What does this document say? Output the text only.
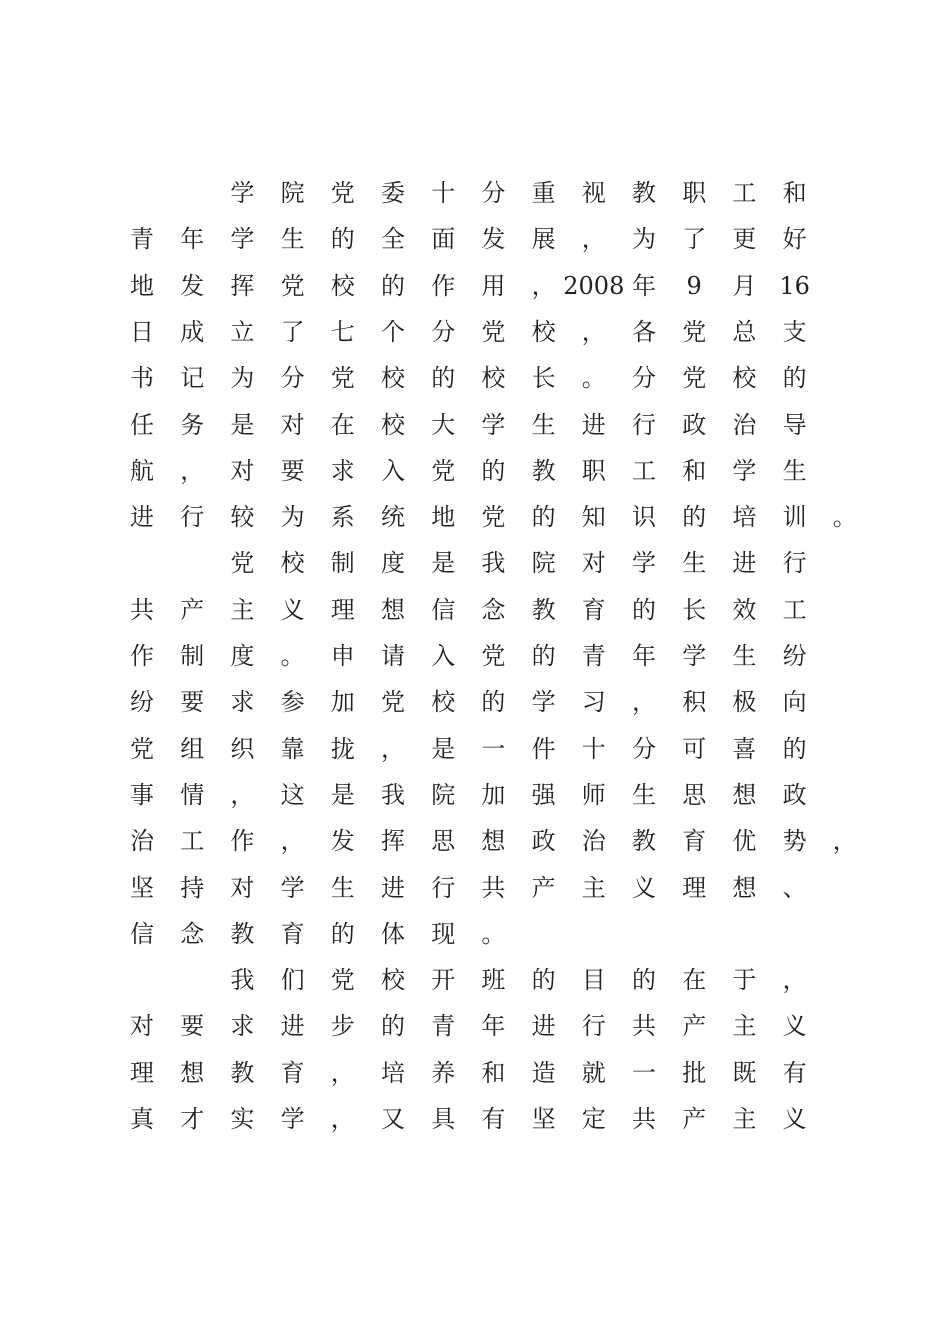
学 院 党 委 十 分 重 视 教 职 工 和
青 年 学 生 的 全 面 发 展 ， 为 了 更 好
地 发 挥 党 校 的 作 用 ， 2008 年 9 月 16
日 成 立 了 七 个 分 党 校 ， 各 党 总 支
书 记 为 分 党 校 的 校 长 。 分 党 校 的
任 务 是 对 在 校 大 学 生 进 行 政 治 导
航 ， 对 要 求 入 党 的 教 职 工 和 学 生
进 行 较 为 系 统 地 党 的 知 识 的 培 训 。
党 校 制 度 是 我 院 对 学 生 进 行
共 产 主 义 理 想 信 念 教 育 的 长 效 工
作 制 度 。 申 请 入 党 的 青 年 学 生 纷
纷 要 求 参 加 党 校 的 学 习 ， 积 极 向
党 组 织 靠 拢 ， 是 一 件 十 分 可 喜 的
事 情 ， 这 是 我 院 加 强 师 生 思 想 政
治 工 作 ， 发 挥 思 想 政 治 教 育 优 势 ，
坚 持 对 学 生 进 行 共 产 主 义 理 想 、
信 念 教 育 的 体 现 。
我 们 党 校 开 班 的 目 的 在 于 ，
对 要 求 进 步 的 青 年 进 行 共 产 主 义
理 想 教 育 ， 培 养 和 造 就 一 批 既 有
真 才 实 学 ， 又 具 有 坚 定 共 产 主 义
